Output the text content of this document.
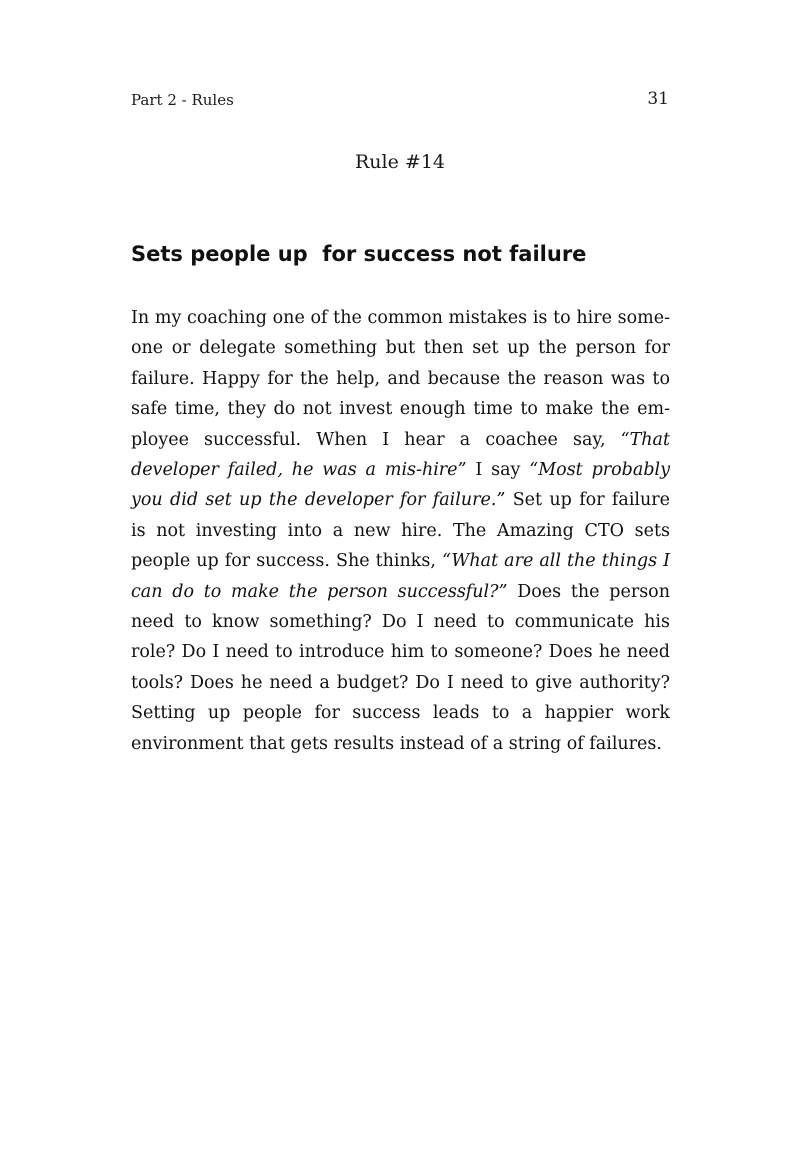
Part 2 - Rules	31
Rule #14
Sets people up  for success not failure

In my coaching one of the common mistakes is to hire someone or delegate something but then set up the person for failure. Happy for the help, and because the reason was to safe time, they do not invest enough time to make the employee successful. When I hear a coachee say, “That developer failed, he was a mis-hire” I say “Most probably you did set up the developer for failure.” Set up for failure is not investing into a new hire. The Amazing CTO sets people up for success. She thinks, “What are all the things I can do to make the person successful?” Does the person need to know something? Do I need to communicate his role? Do I need to introduce him to someone? Does he need tools? Does he need a budget? Do I need to give authority? Setting up people for success leads to a happier work environment that gets results instead of a string of failures.
